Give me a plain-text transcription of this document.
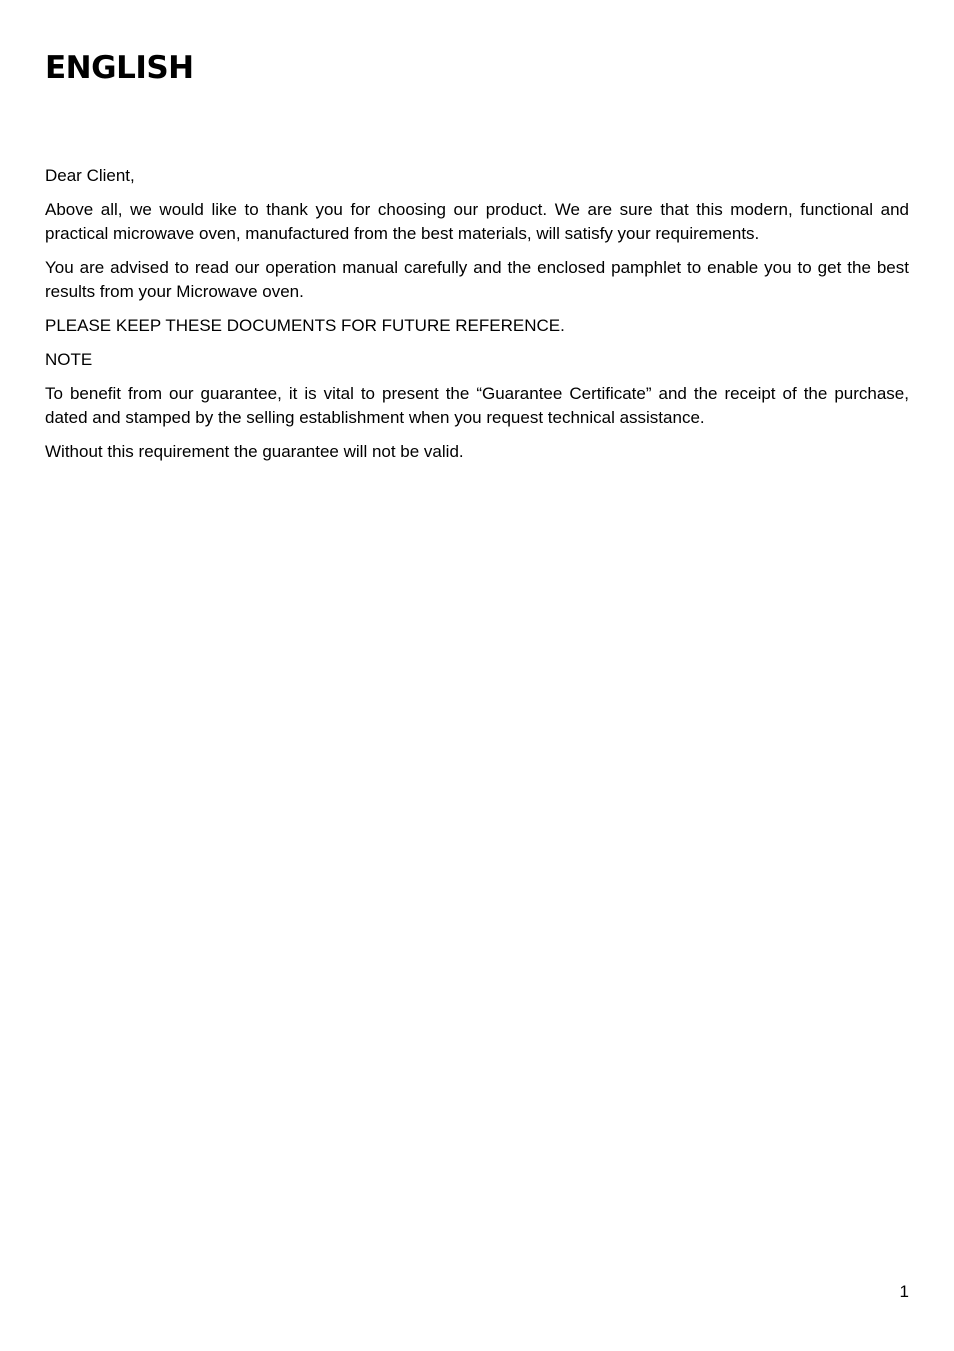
ENGLISH

Dear Client,

Above all, we would like to thank you for choosing our product. We are sure that this modern, functional and practical microwave oven, manufactured from the best materials, will satisfy your requirements.

You are advised to read our operation manual carefully and the enclosed pamphlet to enable you to get the best results from your Microwave oven.

PLEASE KEEP THESE DOCUMENTS FOR FUTURE REFERENCE.

NOTE

To benefit from our guarantee, it is vital to present the “Guarantee Certificate” and the receipt of the purchase, dated and stamped by the selling establishment when you request technical assistance.

Without this requirement the guarantee will not be valid.

1
